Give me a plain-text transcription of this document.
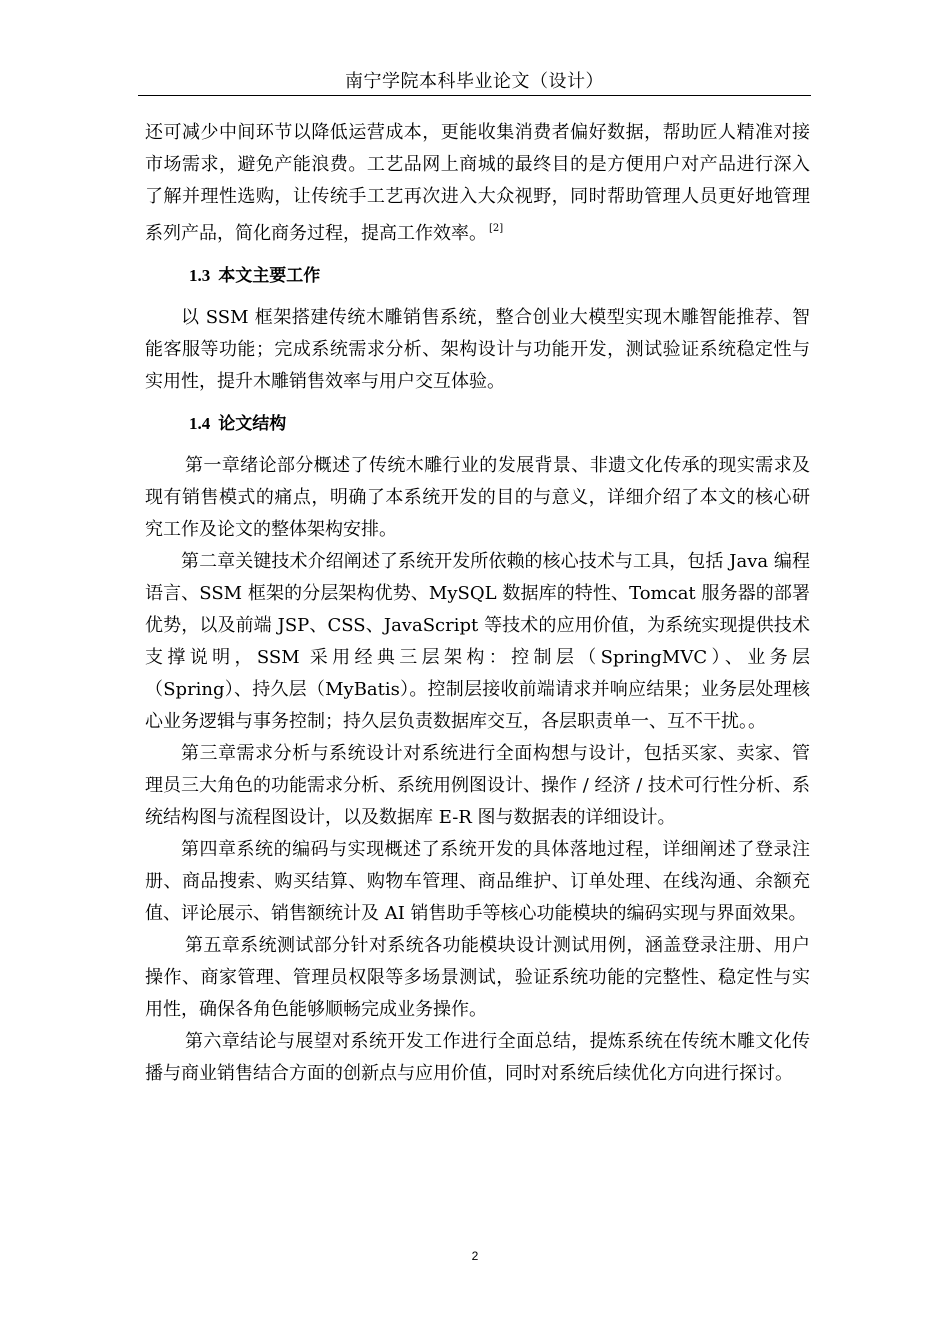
南宁学院本科毕业论文（设计）

还可减少中间环节以降低运营成本，更能收集消费者偏好数据，帮助匠人精准对接市场需求，避免产能浪费。工艺品网上商城的最终目的是方便用户对产品进行深入了解并理性选购，让传统手工艺再次进入大众视野，同时帮助管理人员更好地管理系列产品，简化商务过程，提高工作效率。 [2]

1.3 本文主要工作

以 SSM 框架搭建传统木雕销售系统，整合创业大模型实现木雕智能推荐、智能客服等功能；完成系统需求分析、架构设计与功能开发，测试验证系统稳定性与实用性，提升木雕销售效率与用户交互体验。

1.4 论文结构

第一章绪论部分概述了传统木雕行业的发展背景、非遗文化传承的现实需求及现有销售模式的痛点，明确了本系统开发的目的与意义，详细介绍了本文的核心研究工作及论文的整体架构安排。

第二章关键技术介绍阐述了系统开发所依赖的核心技术与工具，包括 Java 编程语言、SSM 框架的分层架构优势、MySQL 数据库的特性、Tomcat 服务器的部署优势，以及前端 JSP、CSS、JavaScript 等技术的应用价值，为系统实现提供技术支撑说明，SSM 采用经典三层架构：控制层（SpringMVC）、业务层（Spring）、持久层（MyBatis）。控制层接收前端请求并响应结果；业务层处理核心业务逻辑与事务控制；持久层负责数据库交互，各层职责单一、互不干扰。。

第三章需求分析与系统设计对系统进行全面构想与设计，包括买家、卖家、管理员三大角色的功能需求分析、系统用例图设计、操作 / 经济 / 技术可行性分析、系统结构图与流程图设计，以及数据库 E-R 图与数据表的详细设计。

第四章系统的编码与实现概述了系统开发的具体落地过程，详细阐述了登录注册、商品搜索、购买结算、购物车管理、商品维护、订单处理、在线沟通、余额充值、评论展示、销售额统计及 AI 销售助手等核心功能模块的编码实现与界面效果。

第五章系统测试部分针对系统各功能模块设计测试用例，涵盖登录注册、用户操作、商家管理、管理员权限等多场景测试，验证系统功能的完整性、稳定性与实用性，确保各角色能够顺畅完成业务操作。

第六章结论与展望对系统开发工作进行全面总结，提炼系统在传统木雕文化传播与商业销售结合方面的创新点与应用价值，同时对系统后续优化方向进行探讨。

2
